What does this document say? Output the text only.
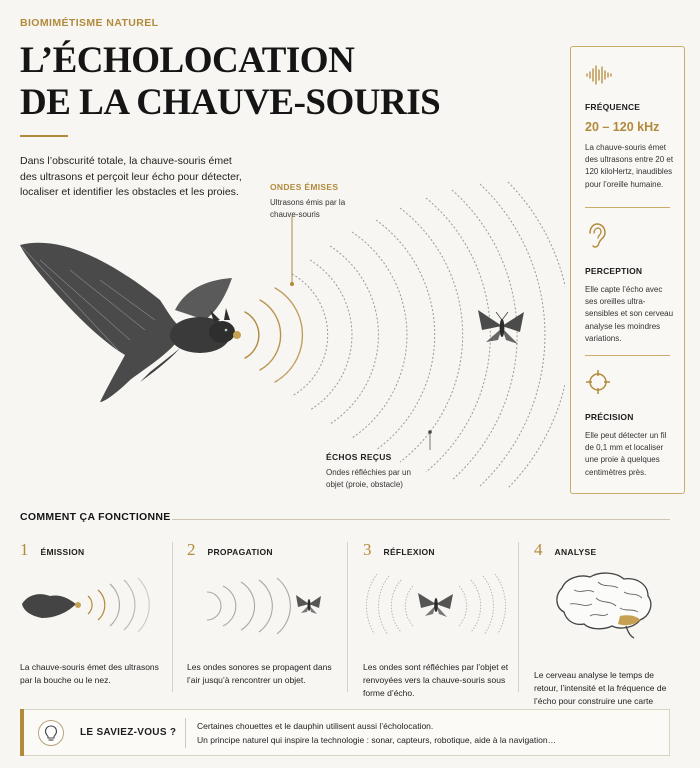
BIOMIMÉTISME NATUREL
L’ÉCHOLOCATION
DE LA CHAUVE-SOURIS
Dans l’obscurité totale, la chauve-souris émet des ultrasons et perçoit leur écho pour détecter, localiser et identifier les obstacles et les proies.	ONDES ÉMISES
Ultrasons émis par la chauve-souris
ÉCHOS REÇUS
Ondes réfléchies par un objet (proie, obstacle)
FRÉQUENCE
20 – 120 kHz
La chauve-souris émet des ultrasons entre 20 et 120 kiloHertz, inaudibles pour l’oreille humaine.
PERCEPTION
Elle capte l’écho avec ses oreilles ultra-sensibles et son cerveau analyse les moindres variations.
PRÉCISION
Elle peut détecter un fil de 0,1 mm et localiser une proie à quelques centimètres près.
COMMENT ÇA FONCTIONNE
1 ÉMISSION
La chauve-souris émet des ultrasons par la bouche ou le nez.
2 PROPAGATION
Les ondes sonores se propagent dans l’air jusqu’à rencontrer un objet.
3 RÉFLEXION
Les ondes sont réfléchies par l’objet et renvoyées vers la chauve-souris sous forme d’écho.
4 ANALYSE
Le cerveau analyse le temps de retour, l’intensité et la fréquence de l’écho pour construire une carte
LE SAVIEZ-VOUS ?
Certaines chouettes et le dauphin utilisent aussi l’écholocation.
Un principe naturel qui inspire la technologie : sonar, capteurs, robotique, aide à la navigation…
